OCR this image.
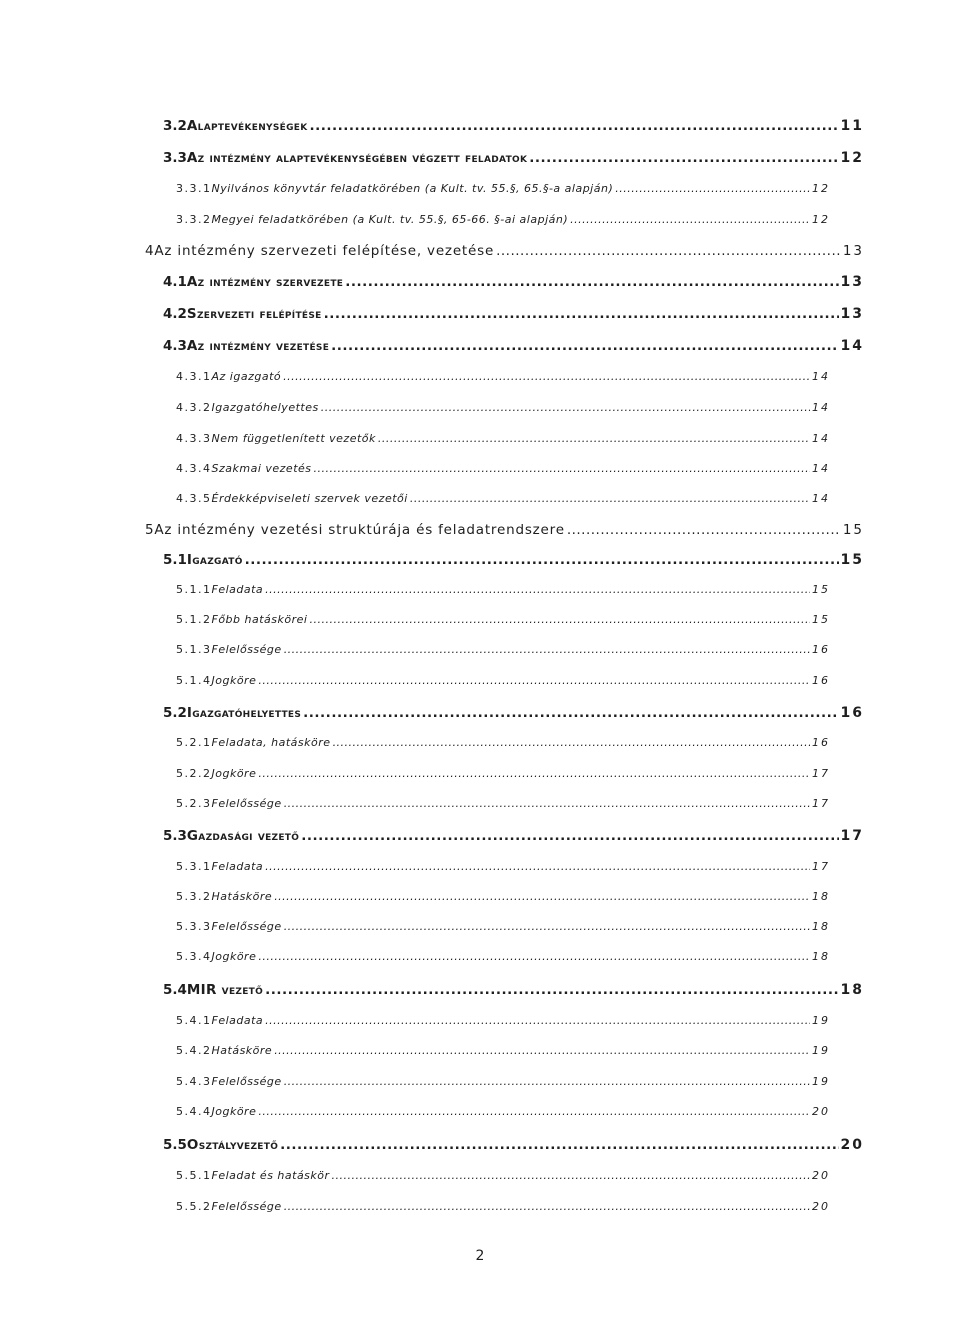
3.2 Alaptevékenységek .....	11
3.3 Az intézmény alaptevékenységében végzett feladatok .....	12
3.3.1 Nyilvános könyvtár feladatkörében (a Kult. tv. 55.§, 65.§-a alapján) .....	12
3.3.2 Megyei feladatkörében (a Kult. tv. 55.§, 65-66. §-ai alapján) .....	12
4 Az intézmény szervezeti felépítése, vezetése .....	13
4.1 Az intézmény szervezete .....	13
4.2 Szervezeti felépítése .....	13
4.3 Az intézmény vezetése .....	14
4.3.1 Az igazgató .....	14
4.3.2 Igazgatóhelyettes .....	14
4.3.3 Nem függetlenített vezetők .....	14
4.3.4 Szakmai vezetés .....	14
4.3.5 Érdekképviseleti szervek vezetői .....	14
5 Az intézmény vezetési struktúrája és feladatrendszere .....	15
5.1 Igazgató .....	15
5.1.1 Feladata .....	15
5.1.2 Főbb hatáskörei .....	15
5.1.3 Felelőssége .....	16
5.1.4 Jogköre .....	16
5.2 Igazgatóhelyettes .....	16
5.2.1 Feladata, hatásköre .....	16
5.2.2 Jogköre .....	17
5.2.3 Felelőssége .....	17
5.3 Gazdasági vezető .....	17
5.3.1 Feladata .....	17
5.3.2 Hatásköre .....	18
5.3.3 Felelőssége .....	18
5.3.4 Jogköre .....	18
5.4 MIR vezető .....	18
5.4.1 Feladata .....	19
5.4.2 Hatásköre .....	19
5.4.3 Felelőssége .....	19
5.4.4 Jogköre .....	20
5.5 Osztályvezető .....	20
5.5.1 Feladat és hatáskör .....	20
5.5.2 Felelőssége .....	20
2
